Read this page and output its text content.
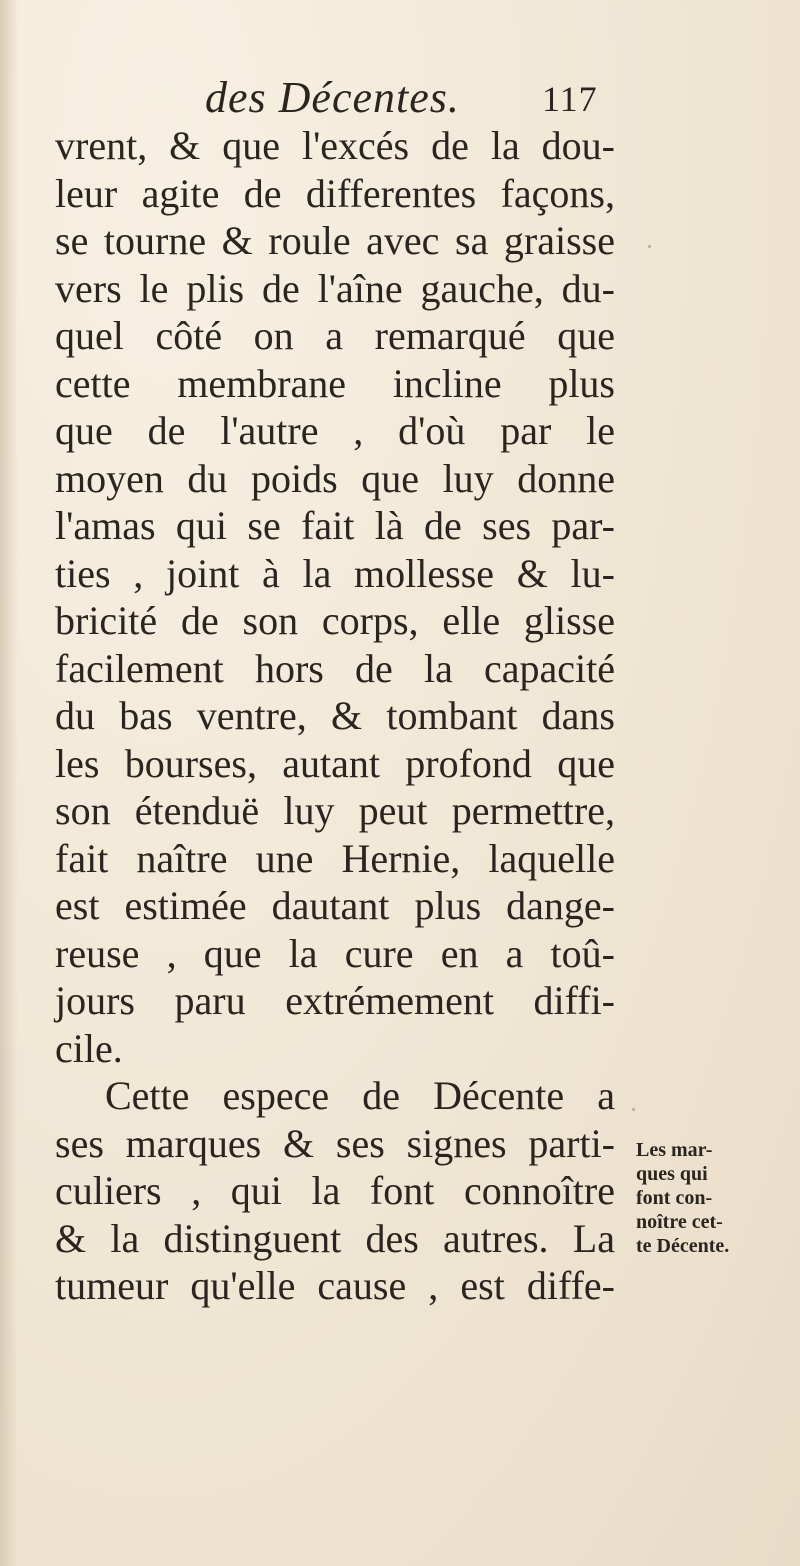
des Décentes. 117
vrent, & que l'excés de la dou-
leur agite de differentes façons,
se tourne & roule avec sa graisse
vers le plis de l'aîne gauche, du-
quel côté on a remarqué que
cette membrane incline plus
que de l'autre , d'où par le
moyen du poids que luy donne
l'amas qui se fait là de ses par-
ties , joint à la mollesse & lu-
bricité de son corps, elle glisse
facilement hors de la capacité
du bas ventre, & tombant dans
les bourses, autant profond que
son étenduë luy peut permettre,
fait naître une Hernie, laquelle
est estimée dautant plus dange-
reuse , que la cure en a toû-
jours paru extrémement diffi-
cile.
Cette espece de Décente a
ses marques & ses signes parti-
culiers , qui la font connoître
& la distinguent des autres. La
tumeur qu'elle cause , est diffe-
Les mar-
ques qui
font con-
noître cet-
te Décente.
